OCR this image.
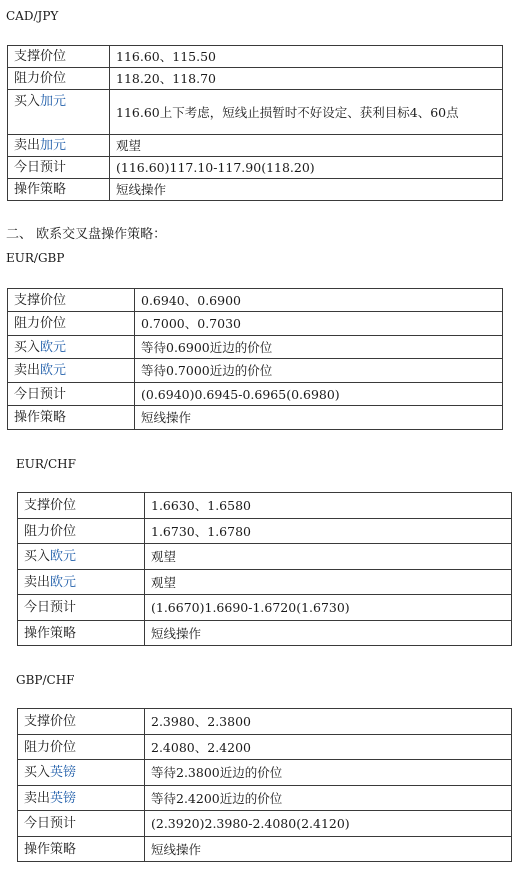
CAD/JPY
支撑价位	116.60、115.50
阻力价位	118.20、118.70
买入加元	116.60上下考虑，短线止损暂时不好设定、获利目标4、60点
卖出加元	观望
今日预计	(116.60)117.10-117.90(118.20)
操作策略	短线操作
二、 欧系交叉盘操作策略：
EUR/GBP
支撑价位	0.6940、0.6900
阻力价位	0.7000、0.7030
买入欧元	等待0.6900近边的价位
卖出欧元	等待0.7000近边的价位
今日预计	(0.6940)0.6945-0.6965(0.6980)
操作策略	短线操作
EUR/CHF
支撑价位	1.6630、1.6580
阻力价位	1.6730、1.6780
买入欧元	观望
卖出欧元	观望
今日预计	(1.6670)1.6690-1.6720(1.6730)
操作策略	短线操作
GBP/CHF
支撑价位	2.3980、2.3800
阻力价位	2.4080、2.4200
买入英镑	等待2.3800近边的价位
卖出英镑	等待2.4200近边的价位
今日预计	(2.3920)2.3980-2.4080(2.4120)
操作策略	短线操作
